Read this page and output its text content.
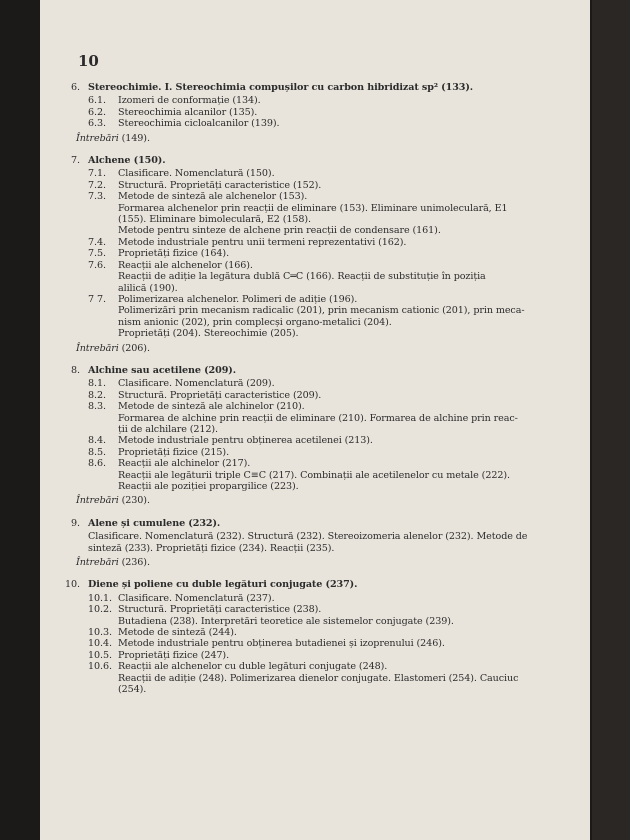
10
6. Stereochimie. I. Stereochimia compușilor cu carbon hibridizat sp² (133).
6.1.	Izomeri de conformație (134).
6.2.	Stereochimia alcanilor (135).
6.3.	Stereochimia cicloalcanilor (139).
Întrebări (149).
7. Alchene (150).
7.1.	Clasificare. Nomenclatură (150).
7.2.	Structură. Proprietăți caracteristice (152).
7.3.	Metode de sinteză ale alchenelor (153).
Formarea alchenelor prin reacții de eliminare (153). Eliminare unimoleculară, E1
(155). Eliminare bimoleculară, E2 (158).
Metode pentru sinteze de alchene prin reacții de condensare (161).
7.4.	Metode industriale pentru unii termeni reprezentativi (162).
7.5.	Proprietăți fizice (164).
7.6.	Reacții ale alchenelor (166).
Reacții de adiție la legătura dublă C═C (166). Reacții de substituție în poziția
alilică (190).
7 7.	Polimerizarea alchenelor. Polimeri de adiție (196).
Polimerizări prin mecanism radicalic (201), prin mecanism cationic (201), prin meca-
nism anionic (202), prin complecși organo-metalici (204).
Proprietăți (204). Stereochimie (205).
Întrebări (206).
8. Alchine sau acetilene (209).
8.1.	Clasificare. Nomenclatură (209).
8.2.	Structură. Proprietăți caracteristice (209).
8.3.	Metode de sinteză ale alchinelor (210).
Formarea de alchine prin reacții de eliminare (210). Formarea de alchine prin reac-
ții de alchilare (212).
8.4.	Metode industriale pentru obținerea acetilenei (213).
8.5.	Proprietăți fizice (215).
8.6.	Reacții ale alchinelor (217).
Reacții ale legăturii triple C≡C (217). Combinații ale acetilenelor cu metale (222).
Reacții ale poziției propargilice (223).
Întrebări (230).
9. Alene și cumulene (232).
Clasificare. Nomenclatură (232). Structură (232). Stereoizomeria alenelor (232). Metode de
sinteză (233). Proprietăți fizice (234). Reacții (235).
Întrebări (236).
10. Diene și poliene cu duble legături conjugate (237).
10.1. Clasificare. Nomenclatură (237).
10.2. Structură. Proprietăți caracteristice (238).
Butadiena (238). Interpretări teoretice ale sistemelor conjugate (239).
10.3. Metode de sinteză (244).
10.4. Metode industriale pentru obținerea butadienei și izoprenului (246).
10.5. Proprietăți fizice (247).
10.6. Reacții ale alchenelor cu duble legături conjugate (248).
Reacții de adiție (248). Polimerizarea dienelor conjugate. Elastomeri (254). Cauciuc
(254).
